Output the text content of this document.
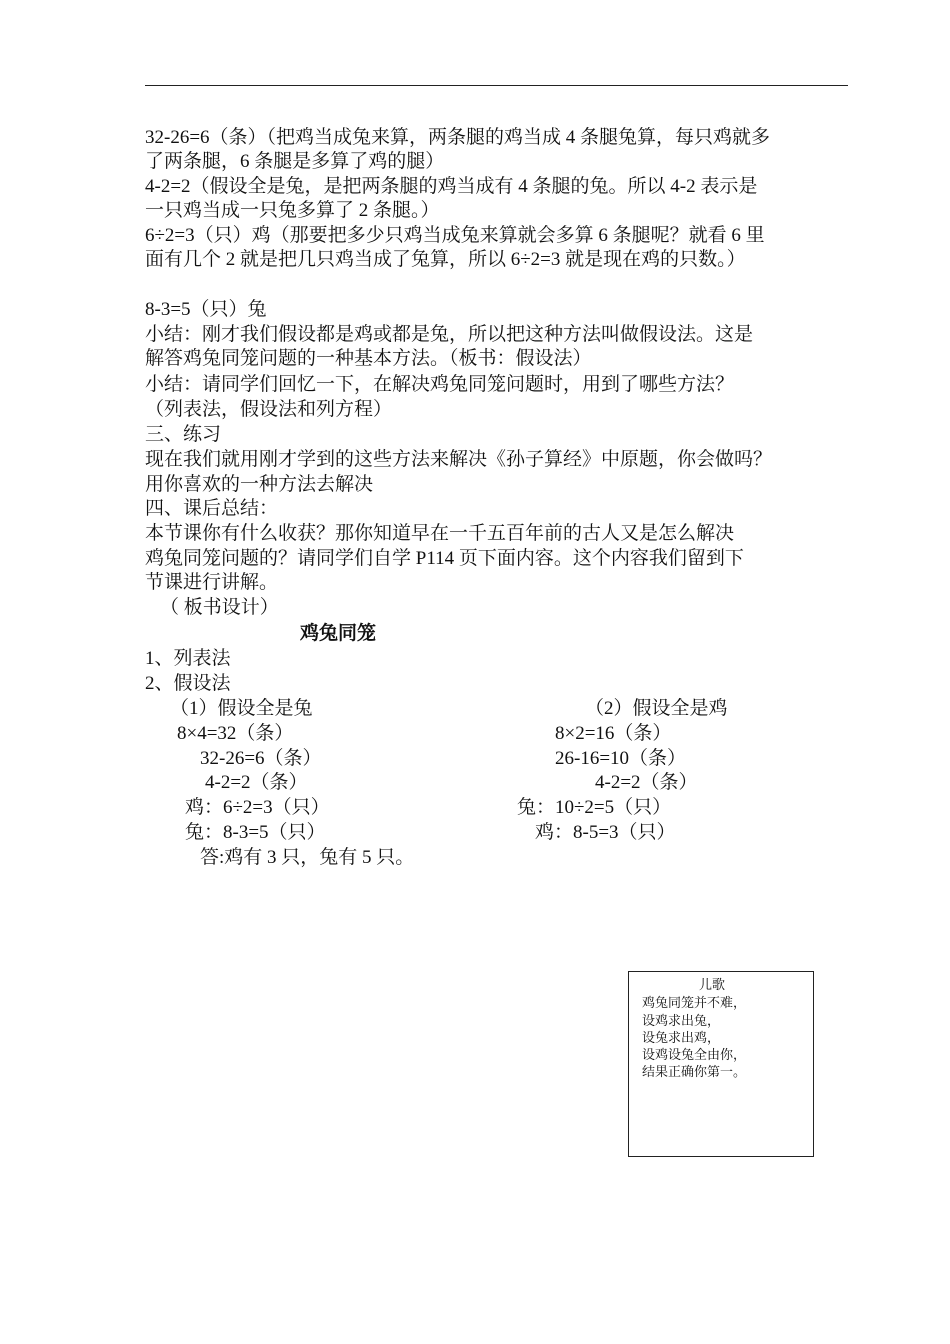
32-26=6（条）（把鸡当成兔来算，两条腿的鸡当成 4 条腿兔算，每只鸡就多
了两条腿，6 条腿是多算了鸡的腿）
4-2=2（假设全是兔，是把两条腿的鸡当成有 4 条腿的兔。所以 4-2 表示是
一只鸡当成一只兔多算了 2 条腿。）
6÷2=3（只）鸡（那要把多少只鸡当成兔来算就会多算 6 条腿呢？就看 6 里
面有几个 2 就是把几只鸡当成了兔算，所以 6÷2=3 就是现在鸡的只数。）
8-3=5（只）兔
小结：刚才我们假设都是鸡或都是兔，所以把这种方法叫做假设法。这是
解答鸡兔同笼问题的一种基本方法。（板书：假设法）
小结：请同学们回忆一下，在解决鸡兔同笼问题时，用到了哪些方法？
（列表法，假设法和列方程）
三、练习
现在我们就用刚才学到的这些方法来解决《孙子算经》中原题，你会做吗？
用你喜欢的一种方法去解决
四、课后总结：
本节课你有什么收获？那你知道早在一千五百年前的古人又是怎么解决
鸡兔同笼问题的？请同学们自学 P114 页下面内容。这个内容我们留到下
节课进行讲解。
（ 板书设计）
鸡兔同笼
1、列表法
2、假设法
（1）假设全是兔
8×4=32（条）
32-26=6（条）
4-2=2（条）
鸡：6÷2=3（只）
兔：8-3=5（只）
（2）假设全是鸡
8×2=16（条）
26-16=10（条）
4-2=2（条）
兔：10÷2=5（只）
鸡：8-5=3（只）
答:鸡有 3 只，兔有 5 只。
儿歌
鸡兔同笼并不难，
设鸡求出兔，
设兔求出鸡，
设鸡设兔全由你，
结果正确你第一。
